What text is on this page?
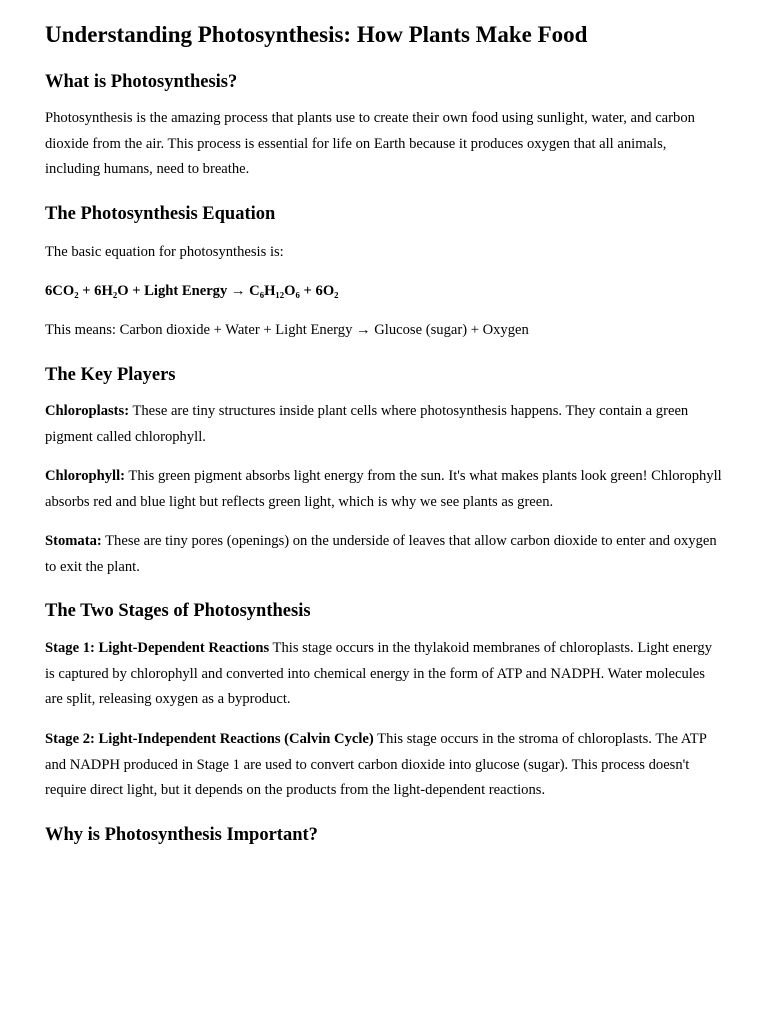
Understanding Photosynthesis: How Plants Make Food
What is Photosynthesis?

Photosynthesis is the amazing process that plants use to create their own food using sunlight, water, and carbon dioxide from the air. This process is essential for life on Earth because it produces oxygen that all animals, including humans, need to breathe.

The Photosynthesis Equation

The basic equation for photosynthesis is:

6CO₂ + 6H₂O + Light Energy → C₆H₁₂O₆ + 6O₂

This means: Carbon dioxide + Water + Light Energy → Glucose (sugar) + Oxygen

The Key Players

Chloroplasts: These are tiny structures inside plant cells where photosynthesis happens. They contain a green pigment called chlorophyll.

Chlorophyll: This green pigment absorbs light energy from the sun. It's what makes plants look green! Chlorophyll absorbs red and blue light but reflects green light, which is why we see plants as green.

Stomata: These are tiny pores (openings) on the underside of leaves that allow carbon dioxide to enter and oxygen to exit the plant.

The Two Stages of Photosynthesis

Stage 1: Light-Dependent Reactions This stage occurs in the thylakoid membranes of chloroplasts. Light energy is captured by chlorophyll and converted into chemical energy in the form of ATP and NADPH. Water molecules are split, releasing oxygen as a byproduct.

Stage 2: Light-Independent Reactions (Calvin Cycle) This stage occurs in the stroma of chloroplasts. The ATP and NADPH produced in Stage 1 are used to convert carbon dioxide into glucose (sugar). This process doesn't require direct light, but it depends on the products from the light-dependent reactions.

Why is Photosynthesis Important?
